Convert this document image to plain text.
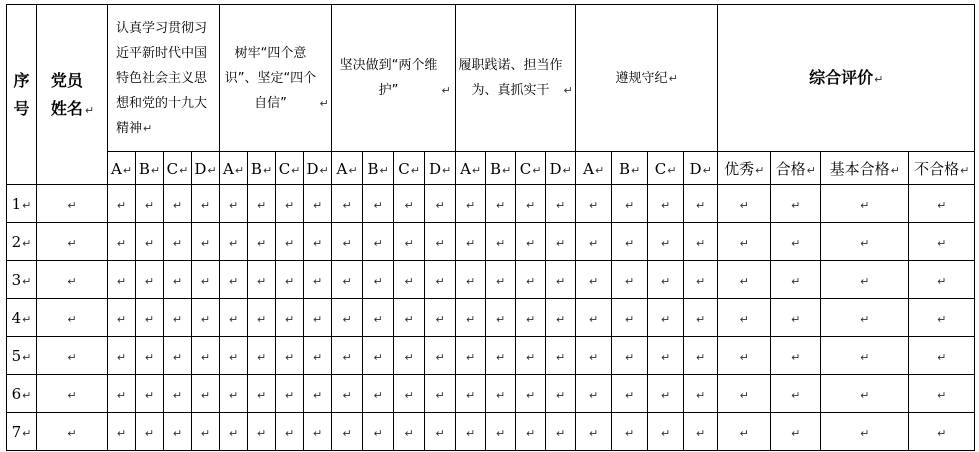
序号	党员姓名 ↵	认真学习贯彻习近平新时代中国特色社会主义思想和党的十九大精神↵				树牢“四个意识”、坚定“四个自信” ↵				坚决做到“两个维护” ↵				履职践诺、担当作为、真抓实干 ↵				遵规守纪↵				综合评价↵			
		A↵	B↵	C↵	D↵	A↵	B↵	C↵	D↵	A↵	B↵	C↵	D↵	A↵	B↵	C↵	D↵	A↵	B↵	C↵	D↵	优秀↵	合格↵	基本合格↵	不合格↵
1↵	↵	↵	↵	↵	↵	↵	↵	↵	↵	↵	↵	↵	↵	↵	↵	↵	↵	↵	↵	↵	↵	↵	↵	↵	↵
2↵	↵	↵	↵	↵	↵	↵	↵	↵	↵	↵	↵	↵	↵	↵	↵	↵	↵	↵	↵	↵	↵	↵	↵	↵	↵
3↵	↵	↵	↵	↵	↵	↵	↵	↵	↵	↵	↵	↵	↵	↵	↵	↵	↵	↵	↵	↵	↵	↵	↵	↵	↵
4↵	↵	↵	↵	↵	↵	↵	↵	↵	↵	↵	↵	↵	↵	↵	↵	↵	↵	↵	↵	↵	↵	↵	↵	↵	↵
5↵	↵	↵	↵	↵	↵	↵	↵	↵	↵	↵	↵	↵	↵	↵	↵	↵	↵	↵	↵	↵	↵	↵	↵	↵	↵
6↵	↵	↵	↵	↵	↵	↵	↵	↵	↵	↵	↵	↵	↵	↵	↵	↵	↵	↵	↵	↵	↵	↵	↵	↵	↵
7↵	↵	↵	↵	↵	↵	↵	↵	↵	↵	↵	↵	↵	↵	↵	↵	↵	↵	↵	↵	↵	↵	↵	↵	↵	↵
